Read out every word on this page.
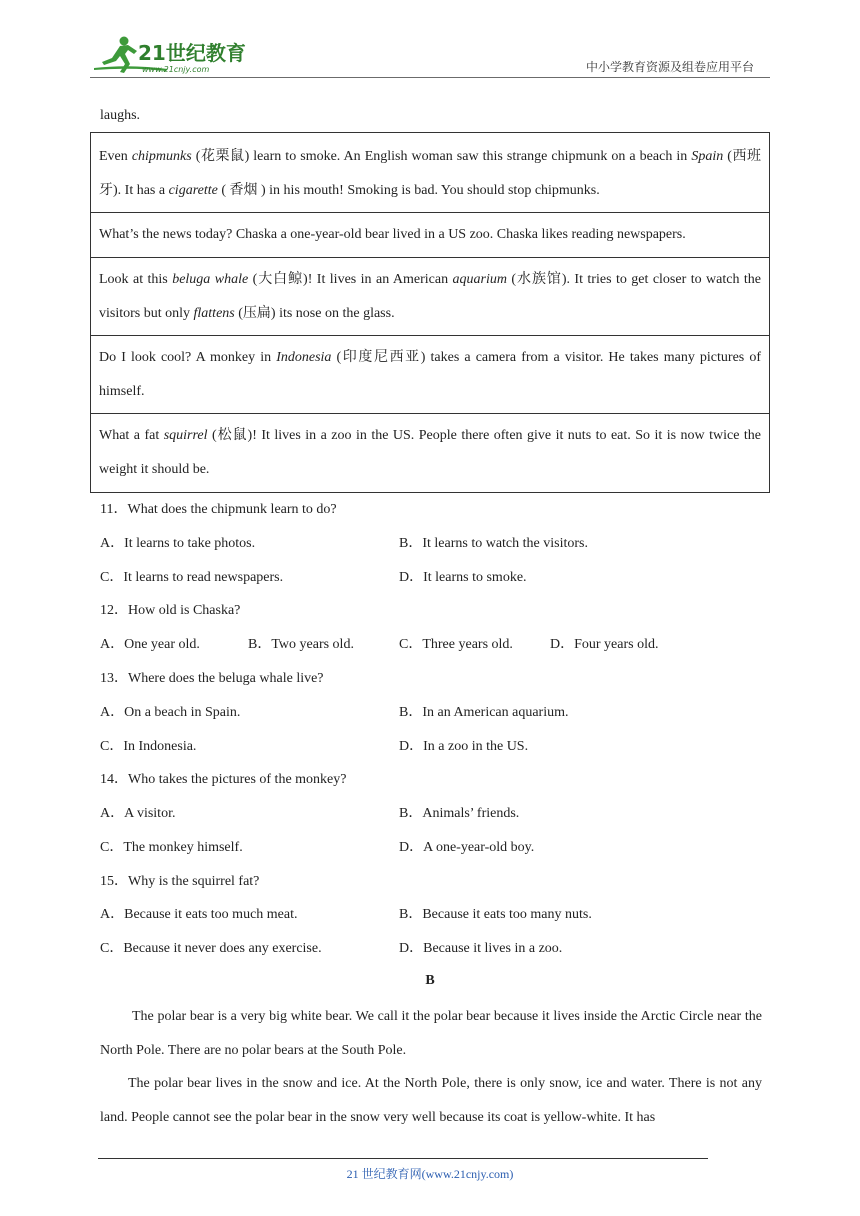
21世纪教育
www.21cnjy.com	中小学教育资源及组卷应用平台
laughs.
Even chipmunks (花栗鼠) learn to smoke. An English woman saw this strange chipmunk on a beach in Spain (西班牙). It has a cigarette ( 香烟 ) in his mouth! Smoking is bad. You should stop chipmunks.

What’s the news today? Chaska a one-year-old bear lived in a US zoo. Chaska likes reading newspapers.

Look at this beluga whale (大白鲸)! It lives in an American aquarium (水族馆). It tries to get closer to watch the visitors but only flattens (压扁) its nose on the glass.

Do I look cool? A monkey in Indonesia (印度尼西亚) takes a camera from a visitor. He takes many pictures of himself.

What a fat squirrel (松鼠)! It lives in a zoo in the US. People there often give it nuts to eat. So it is now twice the weight it should be.
11．What does the chipmunk learn to do?
A．It learns to take photos.	B．It learns to watch the visitors.
C．It learns to read newspapers.	D．It learns to smoke.
12．How old is Chaska?
A．One year old.	B．Two years old.	C．Three years old.	D．Four years old.
13．Where does the beluga whale live?
A．On a beach in Spain.	B．In an American aquarium.
C．In Indonesia.	D．In a zoo in the US.
14．Who takes the pictures of the monkey?
A．A visitor.	B．Animals’ friends.
C．The monkey himself.	D．A one-year-old boy.
15．Why is the squirrel fat?
A．Because it eats too much meat.	B．Because it eats too many nuts.
C．Because it never does any exercise.	D．Because it lives in a zoo.
B
The polar bear is a very big white bear. We call it the polar bear because it lives inside the Arctic Circle near the North Pole. There are no polar bears at the South Pole.
The polar bear lives in the snow and ice. At the North Pole, there is only snow, ice and water. There is not any land. People cannot see the polar bear in the snow very well because its coat is yellow-white. It has
21 世纪教育网(www.21cnjy.com)
